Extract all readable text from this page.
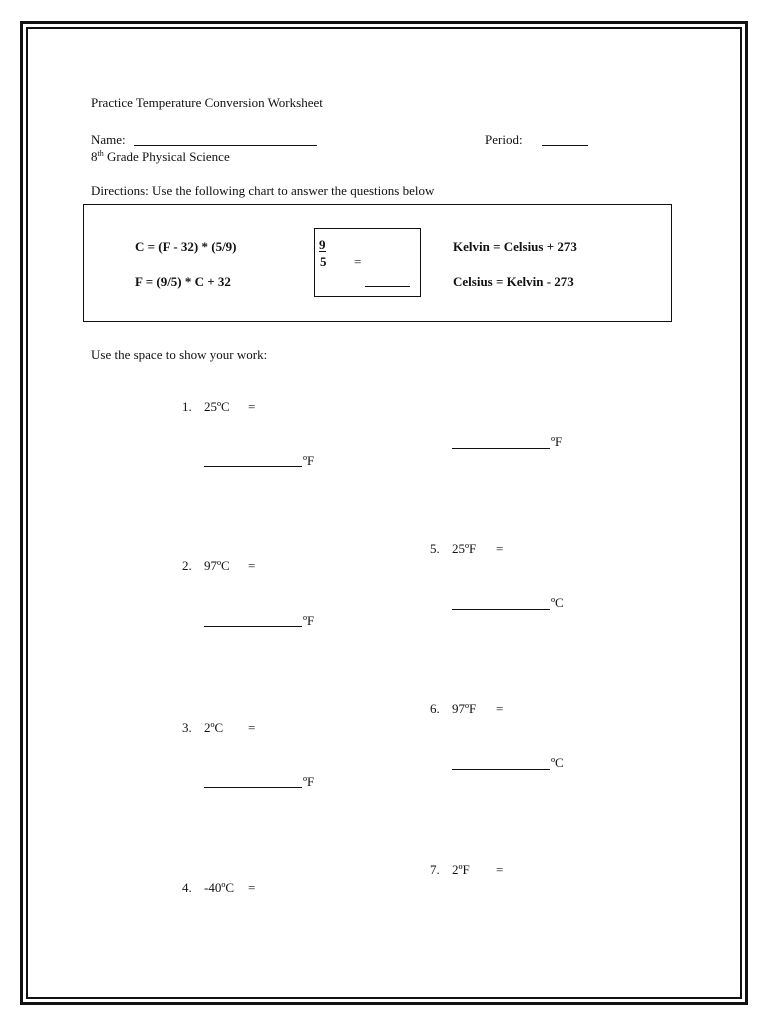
Practice Temperature Conversion Worksheet
Name:	Period:
8th Grade Physical Science
Directions: Use the following chart to answer the questions below
C = (F - 32) * (5/9)
F = (9/5) * C + 32
9
5 =
Kelvin = Celsius + 273
Celsius = Kelvin - 273
Use the space to show your work:
1. 25ºC =
ºF
2. 97ºC =
ºF
3. 2ºC =
ºF
4. -40ºC =
ºF
5. 25ºF =
ºC
6. 97ºF =
ºC
7. 2ºF =
